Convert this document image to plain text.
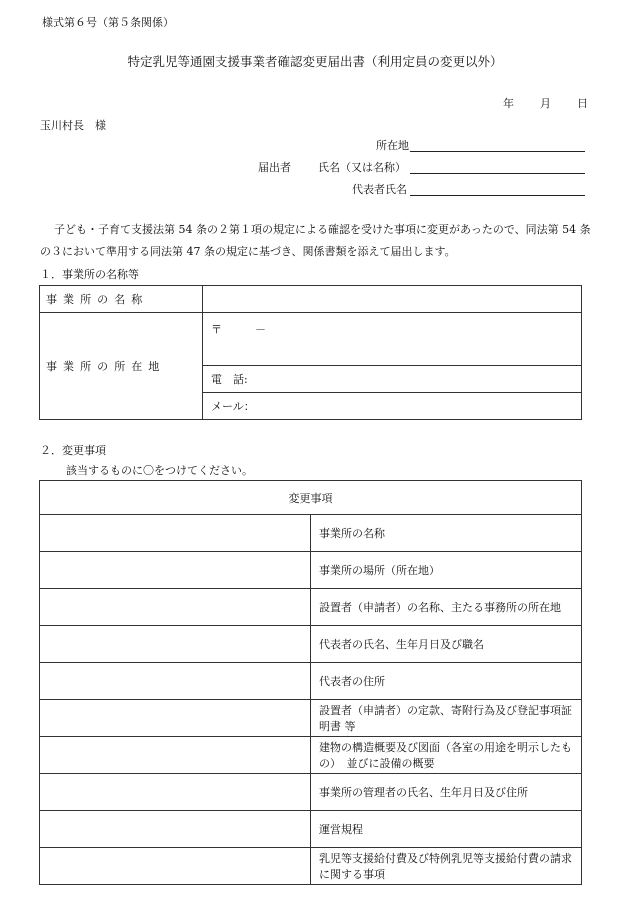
様式第６号（第５条関係）
特定乳児等通園支援事業者確認変更届出書（利用定員の変更以外）
年 月 日
玉川村長　様
所在地
届出者 氏名（又は名称）
代表者氏名
子ども・子育て支援法第 54 条の２第１項の規定による確認を受けた事項に変更があったので、同法第 54 条の３において準用する同法第 47 条の規定に基づき、関係書類を添えて届出します。
１．事業所の名称等
事業所の名称	
事業所の所在地	〒　　　－
	電　話:
	メール：
２．変更事項
該当するものに〇をつけてください。
変更事項	
	事業所の名称
	事業所の場所（所在地）
	設置者（申請者）の名称、主たる事務所の所在地
	代表者の氏名、生年月日及び職名
	代表者の住所
	設置者（申請者）の定款、寄附行為及び登記事項証明書 等
	建物の構造概要及び図面（各室の用途を明示したもの）　並びに設備の概要
	事業所の管理者の氏名、生年月日及び住所
	運営規程
	乳児等支援給付費及び特例乳児等支援給付費の請求に関する事項
